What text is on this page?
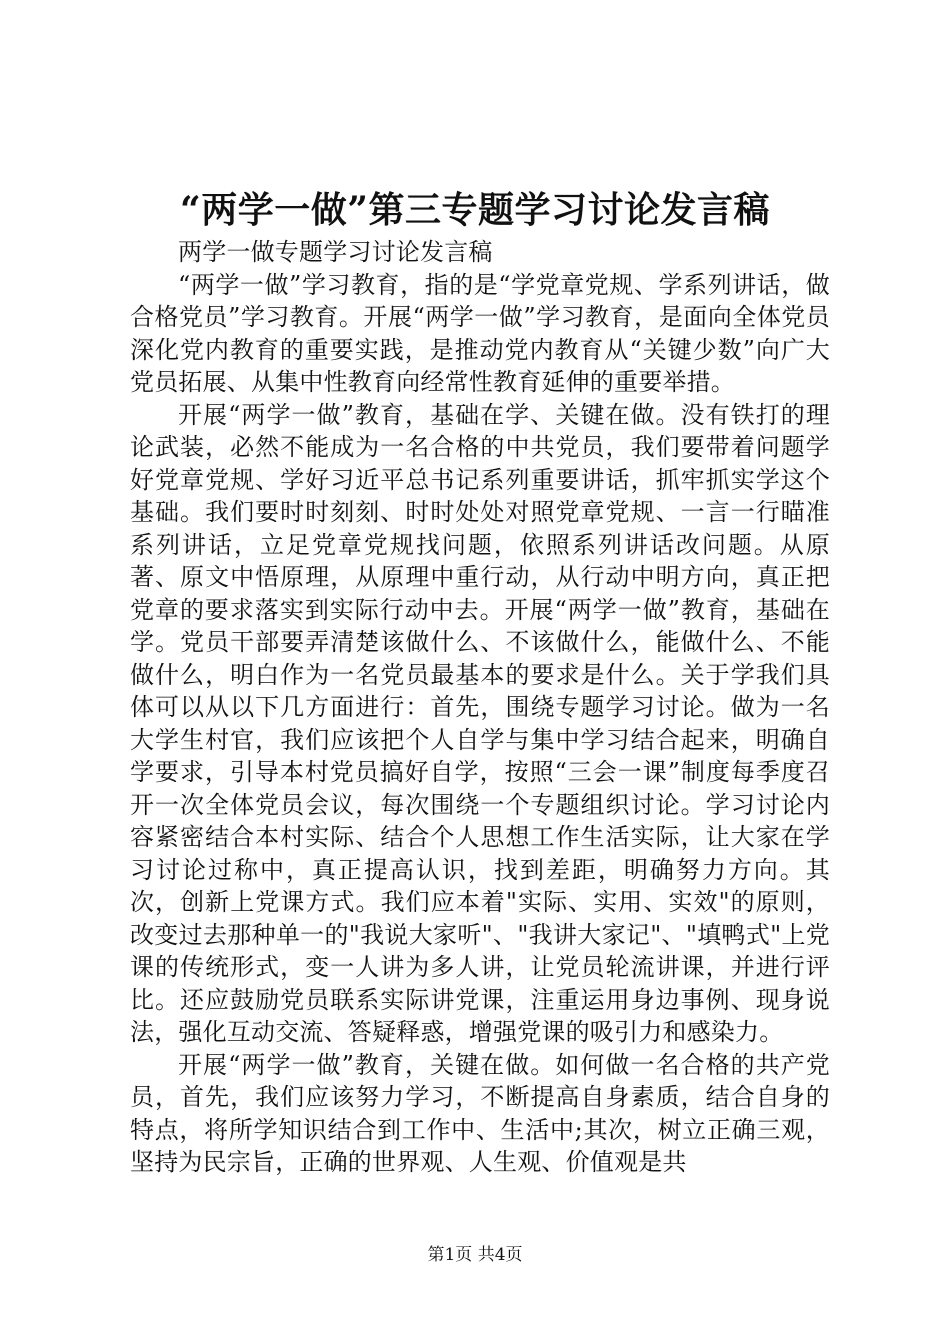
“两学一做”第三专题学习讨论发言稿

两学一做专题学习讨论发言稿

“两学一做”学习教育，指的是“学党章党规、学系列讲话，做合格党员”学习教育。开展“两学一做”学习教育，是面向全体党员深化党内教育的重要实践，是推动党内教育从“关键少数”向广大党员拓展、从集中性教育向经常性教育延伸的重要举措。

开展“两学一做”教育，基础在学、关键在做。没有铁打的理论武装，必然不能成为一名合格的中共党员，我们要带着问题学好党章党规、学好习近平总书记系列重要讲话，抓牢抓实学这个基础。我们要时时刻刻、时时处处对照党章党规、一言一行瞄准系列讲话，立足党章党规找问题，依照系列讲话改问题。从原著、原文中悟原理，从原理中重行动，从行动中明方向，真正把党章的要求落实到实际行动中去。开展“两学一做”教育，基础在学。党员干部要弄清楚该做什么、不该做什么，能做什么、不能做什么，明白作为一名党员最基本的要求是什么。关于学我们具体可以从以下几方面进行：首先，围绕专题学习讨论。做为一名大学生村官，我们应该把个人自学与集中学习结合起来，明确自学要求，引导本村党员搞好自学，按照“三会一课”制度每季度召开一次全体党员会议，每次围绕一个专题组织讨论。学习讨论内容紧密结合本村实际、结合个人思想工作生活实际，让大家在学习讨论过称中，真正提高认识，找到差距，明确努力方向。其次，创新上党课方式。我们应本着"实际、实用、实效"的原则，改变过去那种单一的"我说大家听"、"我讲大家记"、"填鸭式"上党课的传统形式，变一人讲为多人讲，让党员轮流讲课，并进行评比。还应鼓励党员联系实际讲党课，注重运用身边事例、现身说法，强化互动交流、答疑释惑，增强党课的吸引力和感染力。

开展“两学一做”教育，关键在做。如何做一名合格的共产党员，首先，我们应该努力学习，不断提高自身素质，结合自身的特点，将所学知识结合到工作中、生活中;其次，树立正确三观，坚持为民宗旨，正确的世界观、人生观、价值观是共

第1页 共4页
